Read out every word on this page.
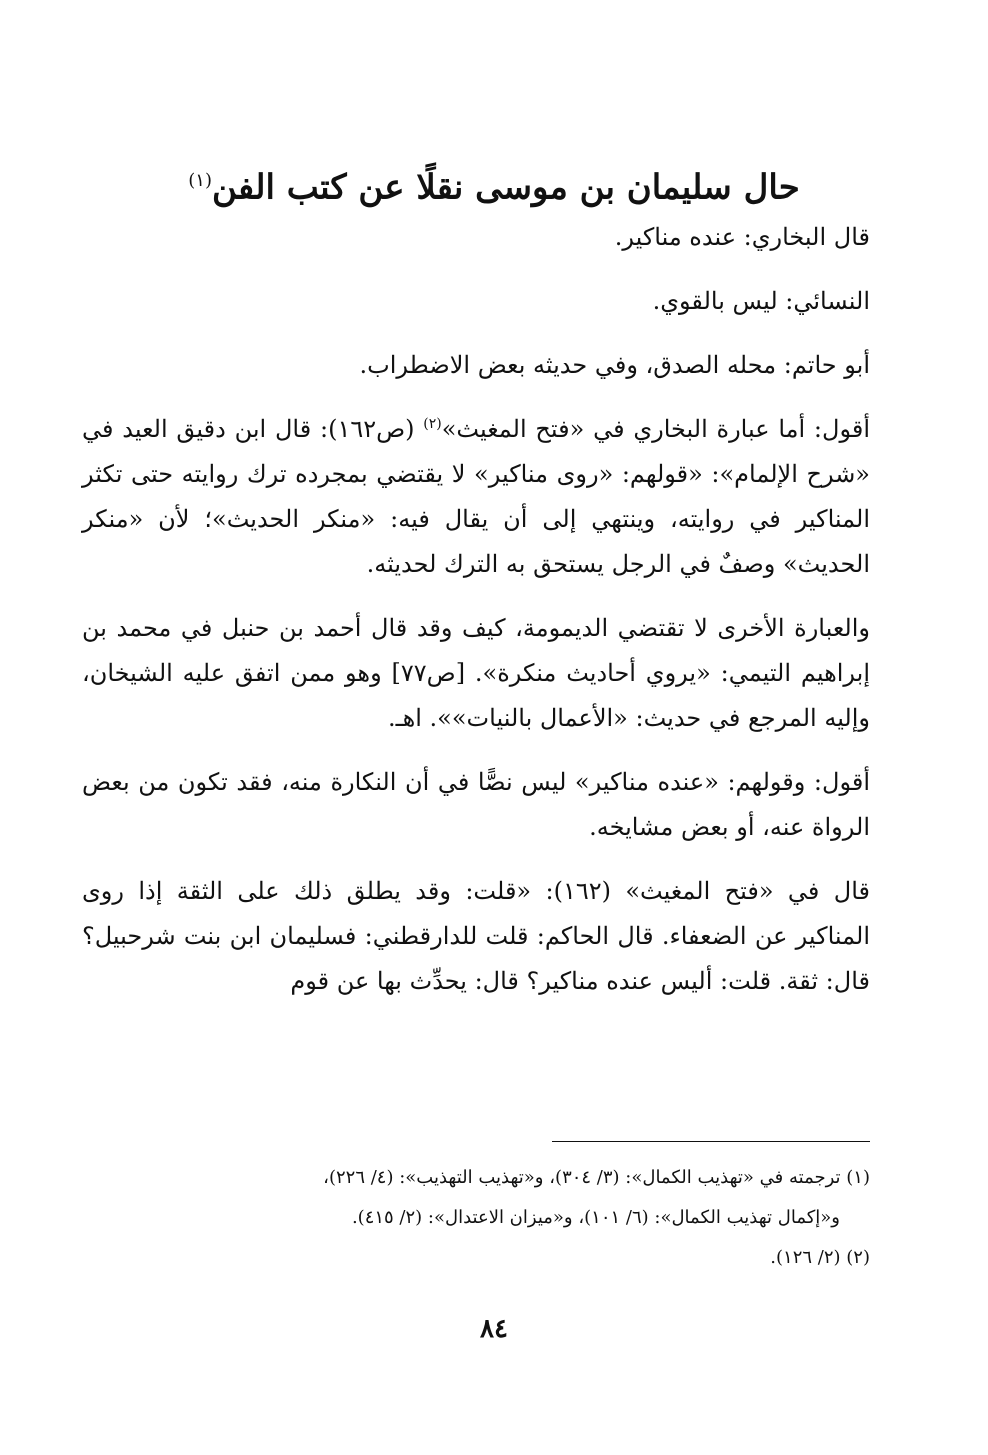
حال سليمان بن موسى نقلًا عن كتب الفن$^{(١)}$

قال البخاري: عنده مناكير.

النسائي: ليس بالقوي.

أبو حاتم: محله الصدق، وفي حديثه بعض الاضطراب.

أقول: أما عبارة البخاري في «فتح المغيث»$^{(٢)}$ (ص١٦٢): قال ابن دقيق العيد في «شرح الإلمام»: «قولهم: «روى مناكير» لا يقتضي بمجرده ترك روايته حتى تكثر المناكير في روايته، وينتهي إلى أن يقال فيه: «منكر الحديث»؛ لأن «منكر الحديث» وصفٌ في الرجل يستحق به الترك لحديثه.

والعبارة الأخرى لا تقتضي الديمومة، كيف وقد قال أحمد بن حنبل في محمد بن إبراهيم التيمي: «يروي أحاديث منكرة». [ص٧٧] وهو ممن اتفق عليه الشيخان، وإليه المرجع في حديث: «الأعمال بالنيات»». اهـ.

أقول: وقولهم: «عنده مناكير» ليس نصًّا في أن النكارة منه، فقد تكون من بعض الرواة عنه، أو بعض مشايخه.

قال في «فتح المغيث» (١٦٢): «قلت: وقد يطلق ذلك على الثقة إذا روى المناكير عن الضعفاء. قال الحاكم: قلت للدارقطني: فسليمان ابن بنت شرحبيل؟ قال: ثقة. قلت: أليس عنده مناكير؟ قال: يحدِّث بها عن قوم

(١) ترجمته في «تهذيب الكمال»: (٣/ ٣٠٤)، و«تهذيب التهذيب»: (٤/ ٢٢٦)،
و«إكمال تهذيب الكمال»: (٦/ ١٠١)، و«ميزان الاعتدال»: (٢/ ٤١٥).
(٢) (٢/ ١٢٦).
٨٤
